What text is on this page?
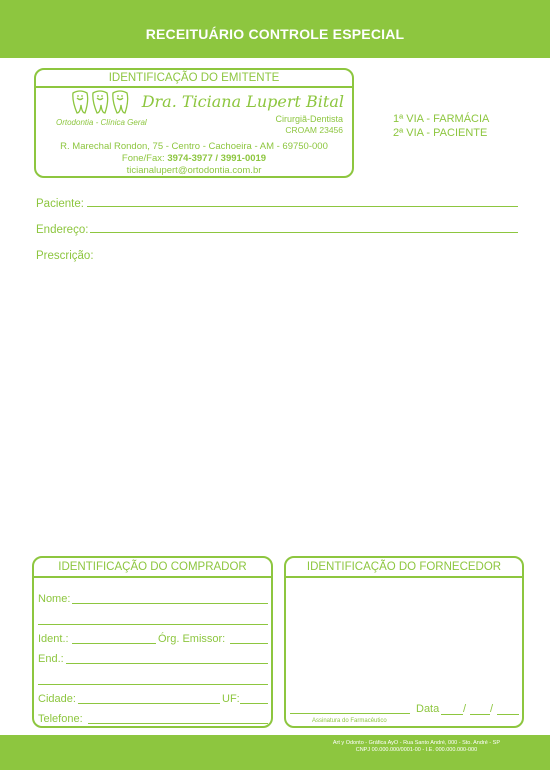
RECEITUÁRIO CONTROLE ESPECIAL
IDENTIFICAÇÃO DO EMITENTE
Ortodontia - Clínica Geral
Dra. Ticiana Lupert Bital
Cirurgiã-Dentista
CROAM 23456
R. Marechal Rondon, 75 - Centro - Cachoeira - AM - 69750-000
Fone/Fax: 3974-3977 / 3991-0019
ticianalupert@ortodontia.com.br
1ª VIA - FARMÁCIA
2ª VIA - PACIENTE
Paciente:
Endereço:
Prescrição:
IDENTIFICAÇÃO DO COMPRADOR
Nome:
Ident.:	Órg. Emissor:
End.:
Cidade:	UF:
Telefone:
IDENTIFICAÇÃO DO FORNECEDOR
Assinatura do Farmacêutico
Data / /
Art y Odonto - Gráfica AyO - Rua Santo André, 000 - Sto. André - SP
CNPJ 00.000.000/0001-00 - I.E. 000.000.000-000
